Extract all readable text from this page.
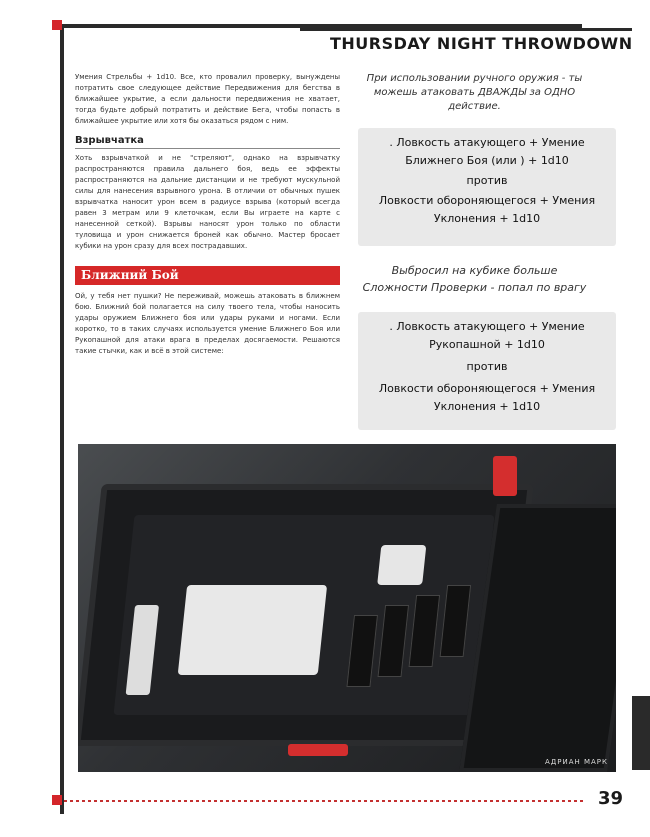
THURSDAY NIGHT THROWDOWN

Умения Стрельбы + 1d10. Все, кто провалил проверку, вынуждены потратить свое следующее действие Передвижения для бегства в ближайшее укрытие, а если дальности передвижения не хватает, тогда будьте добрый потратить и действие Бега, чтобы попасть в ближайшее укрытие или хотя бы оказаться рядом с ним.

Взрывчатка

Хоть взрывчаткой и не "стреляют", однако на взрывчатку распространяются правила дальнего боя, ведь ее эффекты распространяются на дальние дистанции и не требуют мускульной силы для нанесения взрывного урона. В отличии от обычных пушек взрывчатка наносит урон всем в радиусе взрыва (который всегда равен 3 метрам или 9 клеточкам, если Вы играете на карте с нанесенной сеткой). Взрывы наносят урон только по области туловища и урон снижается броней как обычно. Мастер бросает кубики на урон сразу для всех пострадавших.

Ближний Бой

Ой, у тебя нет пушки? Не переживай, можешь атаковать в ближнем бою. Ближний бой полагается на силу твоего тела, чтобы наносить удары оружием Ближнего боя или удары руками и ногами. Если коротко, то в таких случаях используется умение Ближнего Боя или Рукопашной для атаки врага в пределах досягаемости. Решаются такие стычки, как и всё в этой системе:

При использовании ручного оружия - ты можешь атаковать ДВАЖДЫ за ОДНО действие.
. Ловкость атакующего + Умение Ближнего Боя (или ) + 1d10
против
Ловкости обороняющегося + Умения Уклонения + 1d10
Выбросил на кубике больше Сложности Проверки - попал по врагу
. Ловкость атакующего + Умение Рукопашной + 1d10
против
Ловкости обороняющегося + Умения Уклонения + 1d10
АДРИАН МАРК
39
